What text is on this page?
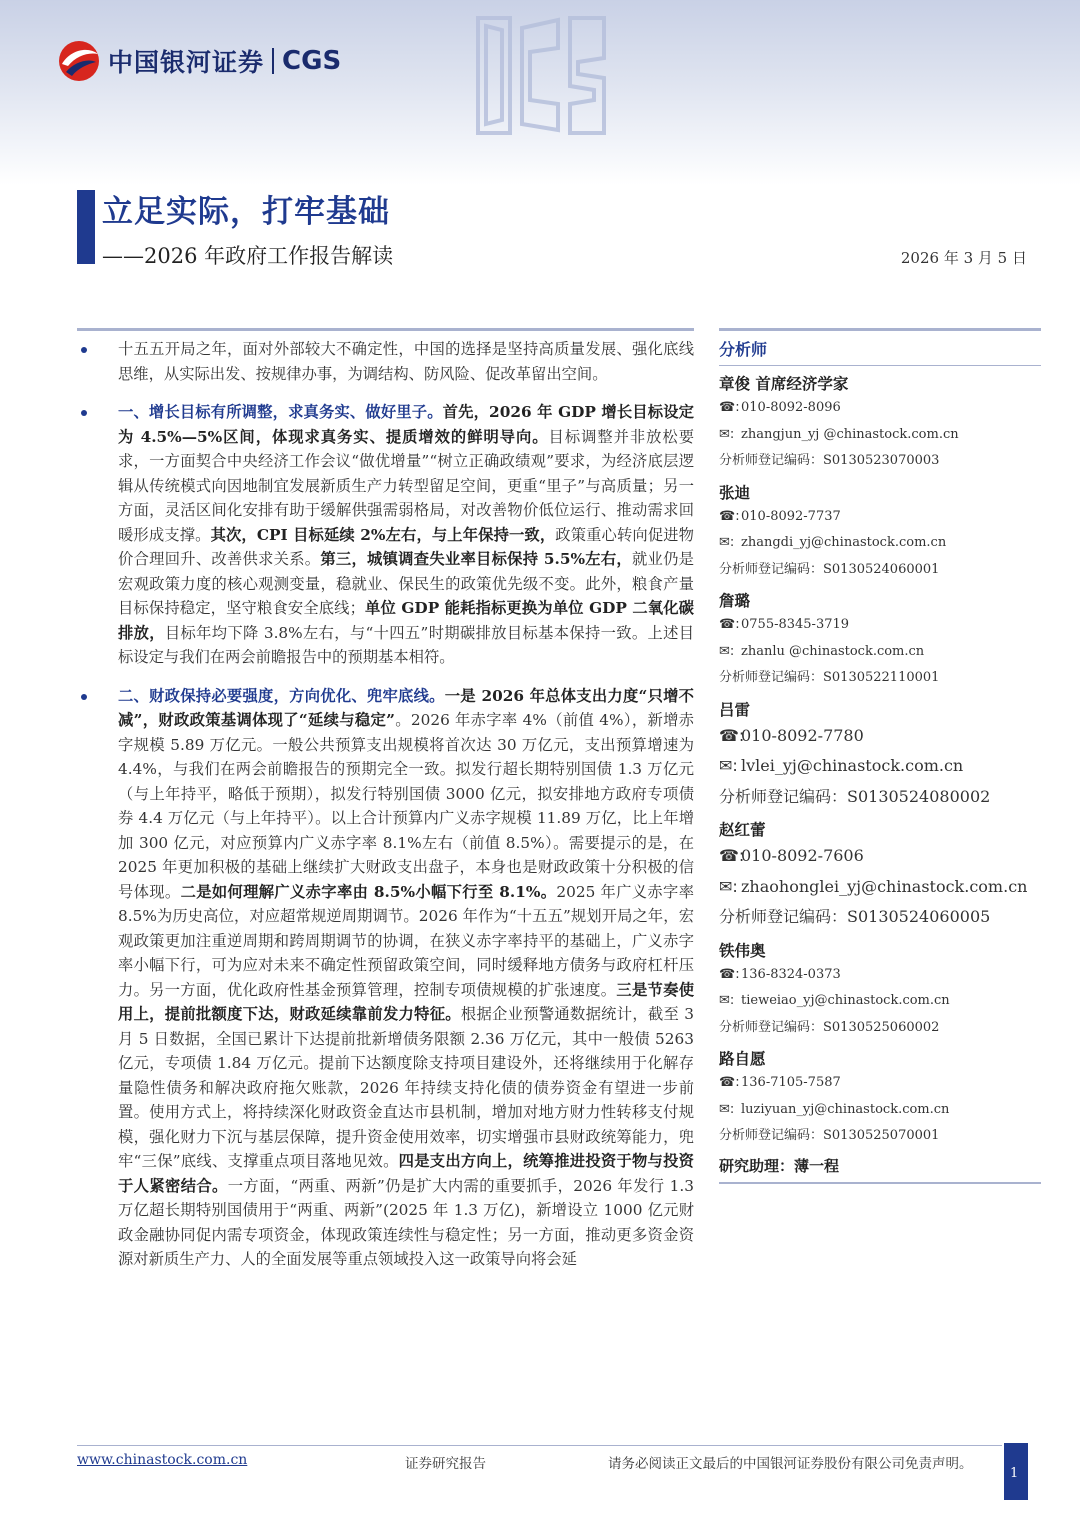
中国银河证券 CGS
立足实际，打牢基础
——2026 年政府工作报告解读	2026 年 3 月 5 日

十五五开局之年，面对外部较大不确定性，中国的选择是坚持高质量发展、强化底线思维，从实际出发、按规律办事，为调结构、防风险、促改革留出空间。

一、增长目标有所调整，求真务实、做好里子。首先，2026 年 GDP 增长目标设定为 4.5%—5%区间，体现求真务实、提质增效的鲜明导向。目标调整并非放松要求，一方面契合中央经济工作会议“做优增量”“树立正确政绩观”要求，为经济底层逻辑从传统模式向因地制宜发展新质生产力转型留足空间，更重“里子”与高质量；另一方面，灵活区间化安排有助于缓解供强需弱格局，对改善物价低位运行、推动需求回暖形成支撑。其次，CPI 目标延续 2%左右，与上年保持一致，政策重心转向促进物价合理回升、改善供求关系。第三，城镇调查失业率目标保持 5.5%左右，就业仍是宏观政策力度的核心观测变量，稳就业、保民生的政策优先级不变。此外，粮食产量目标保持稳定，坚守粮食安全底线；单位 GDP 能耗指标更换为单位 GDP 二氧化碳排放，目标年均下降 3.8%左右，与“十四五”时期碳排放目标基本保持一致。上述目标设定与我们在两会前瞻报告中的预期基本相符。

二、财政保持必要强度，方向优化、兜牢底线。一是 2026 年总体支出力度“只增不减”，财政政策基调体现了“延续与稳定”。2026 年赤字率 4%（前值 4%），新增赤字规模 5.89 万亿元。一般公共预算支出规模将首次达 30 万亿元，支出预算增速为 4.4%，与我们在两会前瞻报告的预期完全一致。拟发行超长期特别国债 1.3 万亿元（与上年持平，略低于预期），拟发行特别国债 3000 亿元，拟安排地方政府专项债券 4.4 万亿元（与上年持平）。以上合计预算内广义赤字规模 11.89 万亿，比上年增加 300 亿元，对应预算内广义赤字率 8.1%左右（前值 8.5%）。需要提示的是，在 2025 年更加积极的基础上继续扩大财政支出盘子，本身也是财政政策十分积极的信号体现。二是如何理解广义赤字率由 8.5%小幅下行至 8.1%。2025 年广义赤字率 8.5%为历史高位，对应超常规逆周期调节。2026 年作为“十五五”规划开局之年，宏观政策更加注重逆周期和跨周期调节的协调，在狭义赤字率持平的基础上，广义赤字率小幅下行，可为应对未来不确定性预留政策空间，同时缓释地方债务与政府杠杆压力。另一方面，优化政府性基金预算管理，控制专项债规模的扩张速度。三是节奏使用上，提前批额度下达，财政延续靠前发力特征。根据企业预警通数据统计，截至 3 月 5 日数据，全国已累计下达提前批新增债务限额 2.36 万亿元，其中一般债 5263 亿元，专项债 1.84 万亿元。提前下达额度除支持项目建设外，还将继续用于化解存量隐性债务和解决政府拖欠账款，2026 年持续支持化债的债券资金有望进一步前置。使用方式上，将持续深化财政资金直达市县机制，增加对地方财力性转移支付规模，强化财力下沉与基层保障，提升资金使用效率，切实增强市县财政统筹能力，兜牢“三保”底线、支撑重点项目落地见效。四是支出方向上，统筹推进投资于物与投资于人紧密结合。一方面，“两重、两新”仍是扩大内需的重要抓手，2026 年发行 1.3 万亿超长期特别国债用于“两重、两新”(2025 年 1.3 万亿)，新增设立 1000 亿元财政金融协同促内需专项资金，体现政策连续性与稳定性；另一方面，推动更多资金资源对新质生产力、人的全面发展等重点领域投入这一政策导向将会延

分析师
章俊 首席经济学家
☎:010-8092-8096
✉: zhangjun_yj @chinastock.com.cn
分析师登记编码：S0130523070003
张迪
☎:010-8092-7737
✉: zhangdi_yj@chinastock.com.cn
分析师登记编码：S0130524060001
詹璐
☎:0755-8345-3719
✉: zhanlu @chinastock.com.cn
分析师登记编码：S0130522110001
吕雷
☎:010-8092-7780
✉: lvlei_yj@chinastock.com.cn
分析师登记编码：S0130524080002
赵红蕾
☎:010-8092-7606
✉: zhaohonglei_yj@chinastock.com.cn
分析师登记编码：S0130524060005
铁伟奥
☎:136-8324-0373
✉: tieweiao_yj@chinastock.com.cn
分析师登记编码：S0130525060002
路自愿
☎:136-7105-7587
✉: luziyuan_yj@chinastock.com.cn
分析师登记编码：S0130525070001
研究助理：薄一程
www.chinastock.com.cn	证券研究报告	请务必阅读正文最后的中国银河证券股份有限公司免责声明。
1
